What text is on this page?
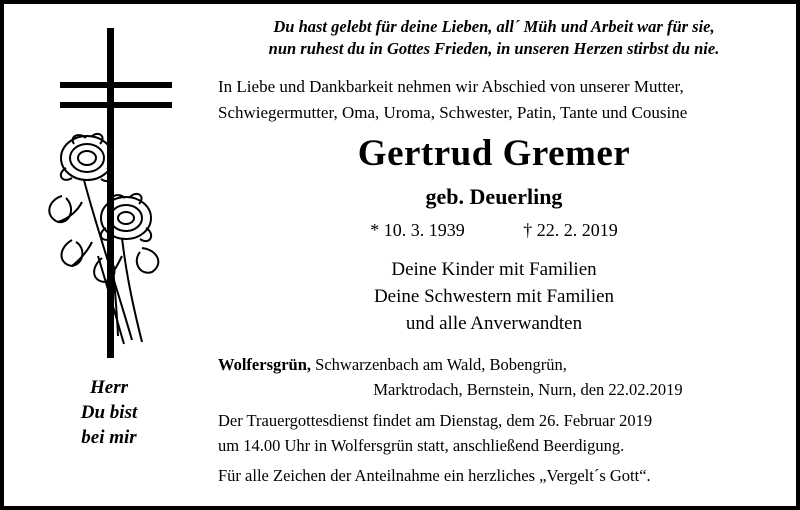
Herr
Du bist
bei mir
Du hast gelebt für deine Lieben, all´ Müh und Arbeit war für sie,
nun ruhest du in Gottes Frieden, in unseren Herzen stirbst du nie.
In Liebe und Dankbarkeit nehmen wir Abschied von unserer Mutter,
Schwiegermutter, Oma, Uroma, Schwester, Patin, Tante und Cousine
Gertrud Gremer
geb. Deuerling
* 10. 3. 1939	† 22. 2. 2019
Deine Kinder mit Familien
Deine Schwestern mit Familien
und alle Anverwandten
Wolfersgrün, Schwarzenbach am Wald, Bobengrün,
Marktrodach, Bernstein, Nurn, den 22.02.2019
Der Trauergottesdienst findet am Dienstag, dem 26. Februar 2019
um 14.00 Uhr in Wolfersgrün statt, anschließend Beerdigung.
Für alle Zeichen der Anteilnahme ein herzliches „Vergelt´s Gott“.
